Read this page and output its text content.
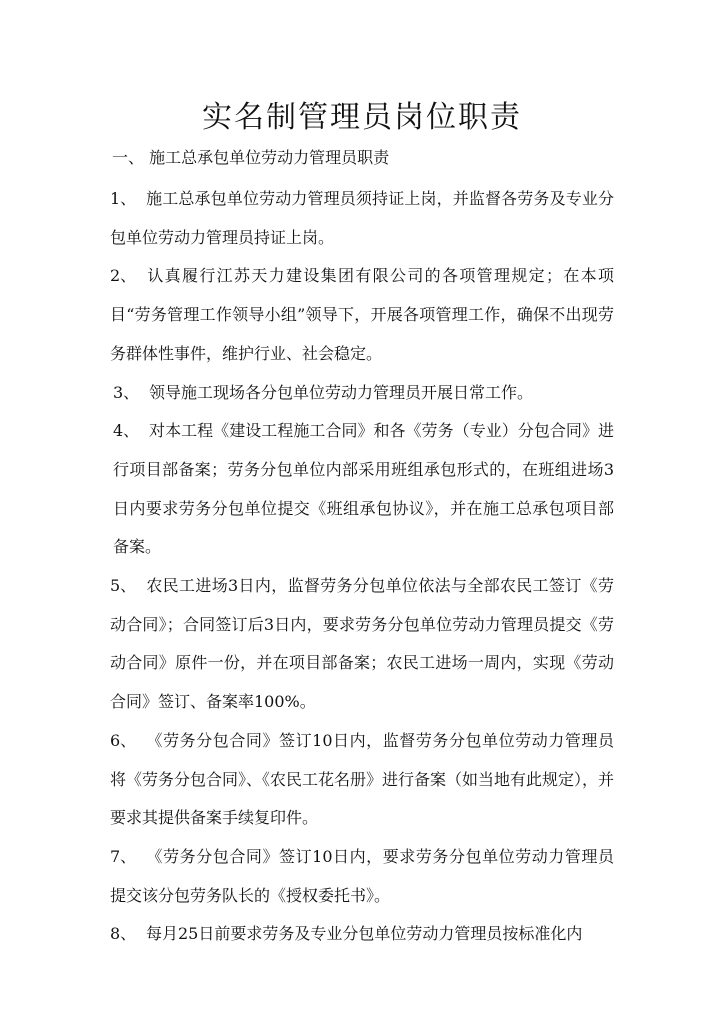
实名制管理员岗位职责
一、 施工总承包单位劳动力管理员职责

1、 施工总承包单位劳动力管理员须持证上岗，并监督各劳务及专业分包单位劳动力管理员持证上岗。

2、 认真履行江苏天力建设集团有限公司的各项管理规定；在本项目“劳务管理工作领导小组”领导下，开展各项管理工作，确保不出现劳务群体性事件，维护行业、社会稳定。

3、 领导施工现场各分包单位劳动力管理员开展日常工作。

4、 对本工程《建设工程施工合同》和各《劳务（专业）分包合同》进行项目部备案；劳务分包单位内部采用班组承包形式的，在班组进场3日内要求劳务分包单位提交《班组承包协议》，并在施工总承包项目部备案。

5、 农民工进场3日内，监督劳务分包单位依法与全部农民工签订《劳动合同》；合同签订后3日内，要求劳务分包单位劳动力管理员提交《劳动合同》原件一份，并在项目部备案；农民工进场一周内，实现《劳动合同》签订、备案率100%。

6、 《劳务分包合同》签订10日内，监督劳务分包单位劳动力管理员将《劳务分包合同》、《农民工花名册》进行备案（如当地有此规定），并要求其提供备案手续复印件。

7、 《劳务分包合同》签订10日内，要求劳务分包单位劳动力管理员提交该分包劳务队长的《授权委托书》。

8、 每月25日前要求劳务及专业分包单位劳动力管理员按标准化内
